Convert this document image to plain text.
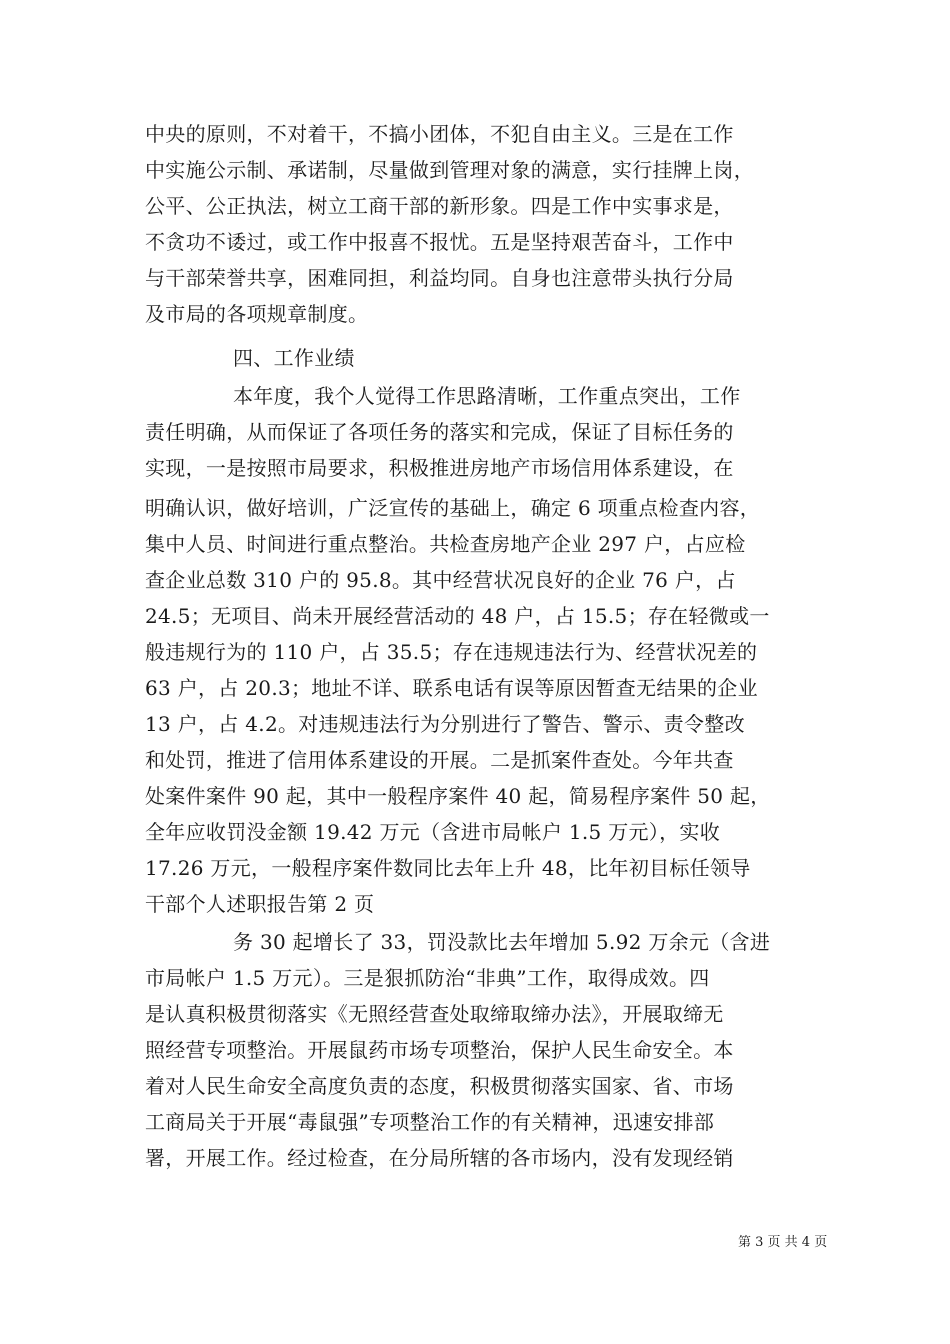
中央的原则，不对着干，不搞小团体，不犯自由主义。三是在工作
中实施公示制、承诺制，尽量做到管理对象的满意，实行挂牌上岗，
公平、公正执法，树立工商干部的新形象。四是工作中实事求是，
不贪功不诿过，或工作中报喜不报忧。五是坚持艰苦奋斗，工作中
与干部荣誉共享，困难同担，利益均同。自身也注意带头执行分局
及市局的各项规章制度。
四、工作业绩
本年度，我个人觉得工作思路清晰，工作重点突出，工作
责任明确，从而保证了各项任务的落实和完成，保证了目标任务的
实现，一是按照市局要求，积极推进房地产市场信用体系建设，在
明确认识，做好培训，广泛宣传的基础上，确定 6 项重点检查内容，
集中人员、时间进行重点整治。共检查房地产企业 297 户，占应检
查企业总数 310 户的 95.8。其中经营状况良好的企业 76 户，占
24.5；无项目、尚未开展经营活动的 48 户，占 15.5；存在轻微或一
般违规行为的 110 户，占 35.5；存在违规违法行为、经营状况差的
63 户，占 20.3；地址不详、联系电话有误等原因暂查无结果的企业
13 户，占 4.2。对违规违法行为分别进行了警告、警示、责令整改
和处罚，推进了信用体系建设的开展。二是抓案件查处。今年共查
处案件案件 90 起，其中一般程序案件 40 起，简易程序案件 50 起，
全年应收罚没金额 19.42 万元（含进市局帐户 1.5 万元），实收
17.26 万元，一般程序案件数同比去年上升 48，比年初目标任领导
干部个人述职报告第 2 页
务 30 起增长了 33，罚没款比去年增加 5.92 万余元（含进
市局帐户 1.5 万元）。三是狠抓防治“非典”工作，取得成效。四
是认真积极贯彻落实《无照经营查处取缔取缔办法》，开展取缔无
照经营专项整治。开展鼠药市场专项整治，保护人民生命安全。本
着对人民生命安全高度负责的态度，积极贯彻落实国家、省、市场
工商局关于开展“毒鼠强”专项整治工作的有关精神，迅速安排部
署，开展工作。经过检查，在分局所辖的各市场内，没有发现经销
第 3 页 共 4 页
